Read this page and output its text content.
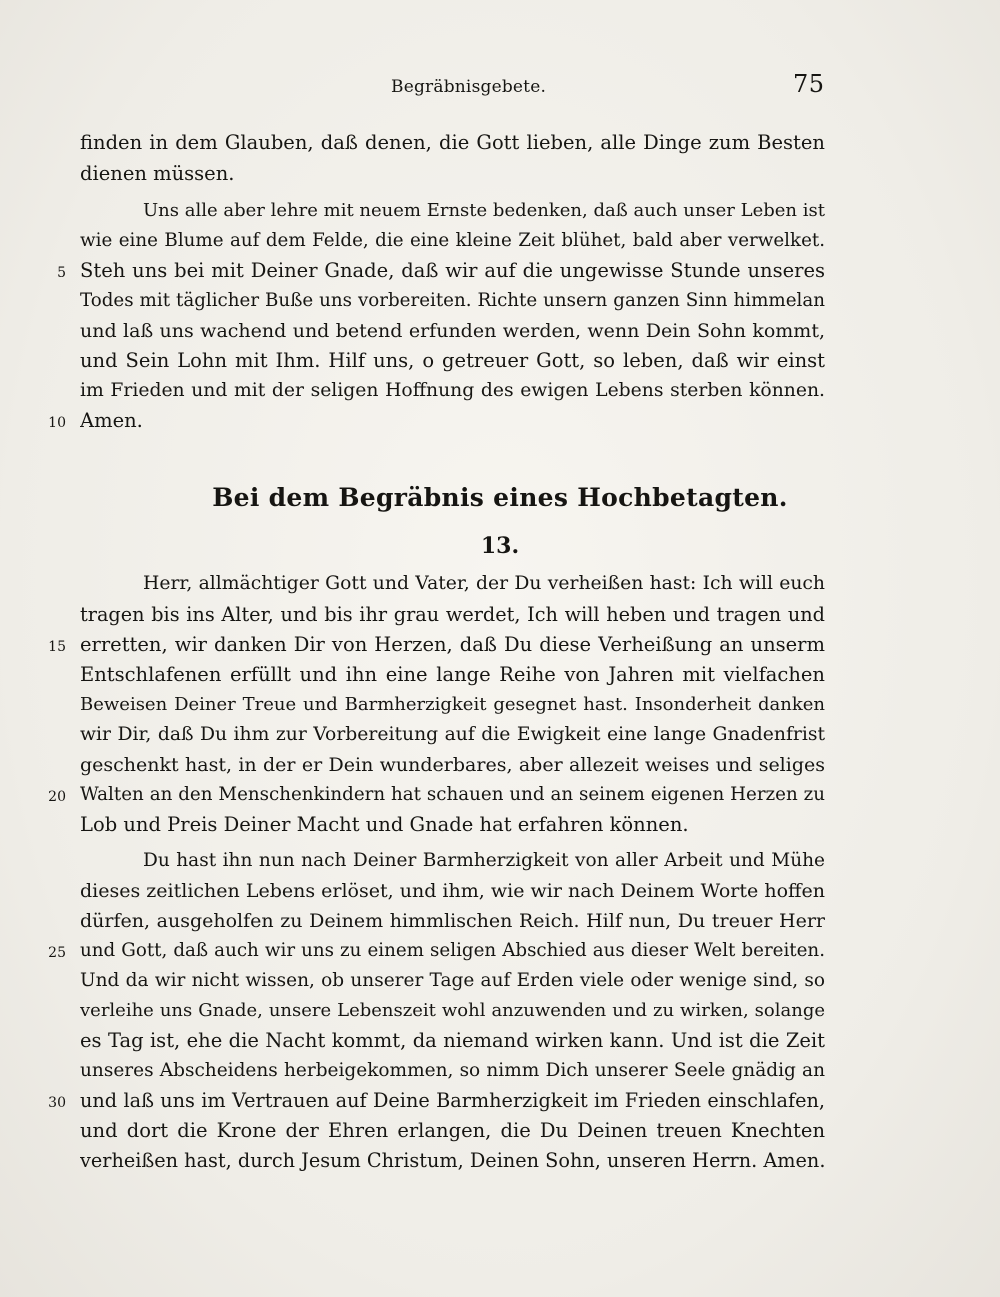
Begräbnisgebete.	75
finden in dem Glauben, daß denen, die Gott lieben, alle Dinge zum Besten
dienen müssen.
Uns alle aber lehre mit neuem Ernste bedenken, daß auch unser Leben ist
wie eine Blume auf dem Felde, die eine kleine Zeit blühet, bald aber verwelket.
Steh uns bei mit Deiner Gnade, daß wir auf die ungewisse Stunde unseres
Todes mit täglicher Buße uns vorbereiten. Richte unsern ganzen Sinn himmelan
und laß uns wachend und betend erfunden werden, wenn Dein Sohn kommt,
und Sein Lohn mit Ihm. Hilf uns, o getreuer Gott, so leben, daß wir einst
im Frieden und mit der seligen Hoffnung des ewigen Lebens sterben können.
Amen.
5
10
Bei dem Begräbnis eines Hochbetagten.
13.
Herr, allmächtiger Gott und Vater, der Du verheißen hast: Ich will euch
tragen bis ins Alter, und bis ihr grau werdet, Ich will heben und tragen und
erretten, wir danken Dir von Herzen, daß Du diese Verheißung an unserm
Entschlafenen erfüllt und ihn eine lange Reihe von Jahren mit vielfachen
Beweisen Deiner Treue und Barmherzigkeit gesegnet hast. Insonderheit danken
wir Dir, daß Du ihm zur Vorbereitung auf die Ewigkeit eine lange Gnadenfrist
geschenkt hast, in der er Dein wunderbares, aber allezeit weises und seliges
Walten an den Menschenkindern hat schauen und an seinem eigenen Herzen zu
Lob und Preis Deiner Macht und Gnade hat erfahren können.
Du hast ihn nun nach Deiner Barmherzigkeit von aller Arbeit und Mühe
dieses zeitlichen Lebens erlöset, und ihm, wie wir nach Deinem Worte hoffen
dürfen, ausgeholfen zu Deinem himmlischen Reich. Hilf nun, Du treuer Herr
und Gott, daß auch wir uns zu einem seligen Abschied aus dieser Welt bereiten.
Und da wir nicht wissen, ob unserer Tage auf Erden viele oder wenige sind, so
verleihe uns Gnade, unsere Lebenszeit wohl anzuwenden und zu wirken, solange
es Tag ist, ehe die Nacht kommt, da niemand wirken kann. Und ist die Zeit
unseres Abscheidens herbeigekommen, so nimm Dich unserer Seele gnädig an
und laß uns im Vertrauen auf Deine Barmherzigkeit im Frieden einschlafen,
und dort die Krone der Ehren erlangen, die Du Deinen treuen Knechten
verheißen hast, durch Jesum Christum, Deinen Sohn, unseren Herrn. Amen.
15
20
25
30
